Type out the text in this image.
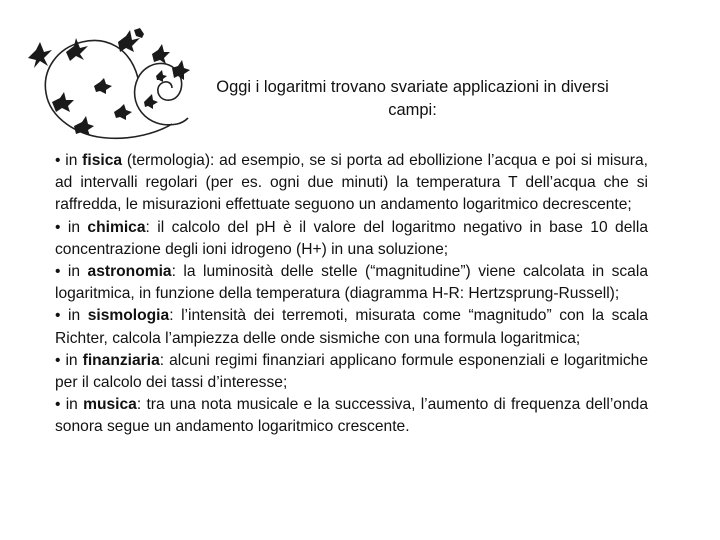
Oggi i logaritmi trovano svariate applicazioni in diversi
campi:

• in fisica (termologia): ad esempio, se si porta ad ebollizione l’acqua e poi si misura, ad intervalli regolari (per es. ogni due minuti) la temperatura T dell’acqua che si raffredda, le misurazioni effettuate seguono un andamento logaritmico decrescente;

• in chimica: il calcolo del pH è il valore del logaritmo negativo in base 10 della concentrazione degli ioni idrogeno (H+) in una soluzione;

• in astronomia: la luminosità delle stelle (“magnitudine”) viene calcolata in scala logaritmica, in funzione della temperatura (diagramma H-R: Hertzsprung-Russell);

• in sismologia: l’intensità dei terremoti, misurata come “magnitudo” con la scala Richter, calcola l’ampiezza delle onde sismiche con una formula logaritmica;

• in finanziaria: alcuni regimi finanziari applicano formule esponenziali e logaritmiche per il calcolo dei tassi d’interesse;

• in musica: tra una nota musicale e la successiva, l’aumento di frequenza dell’onda sonora segue un andamento logaritmico crescente.
